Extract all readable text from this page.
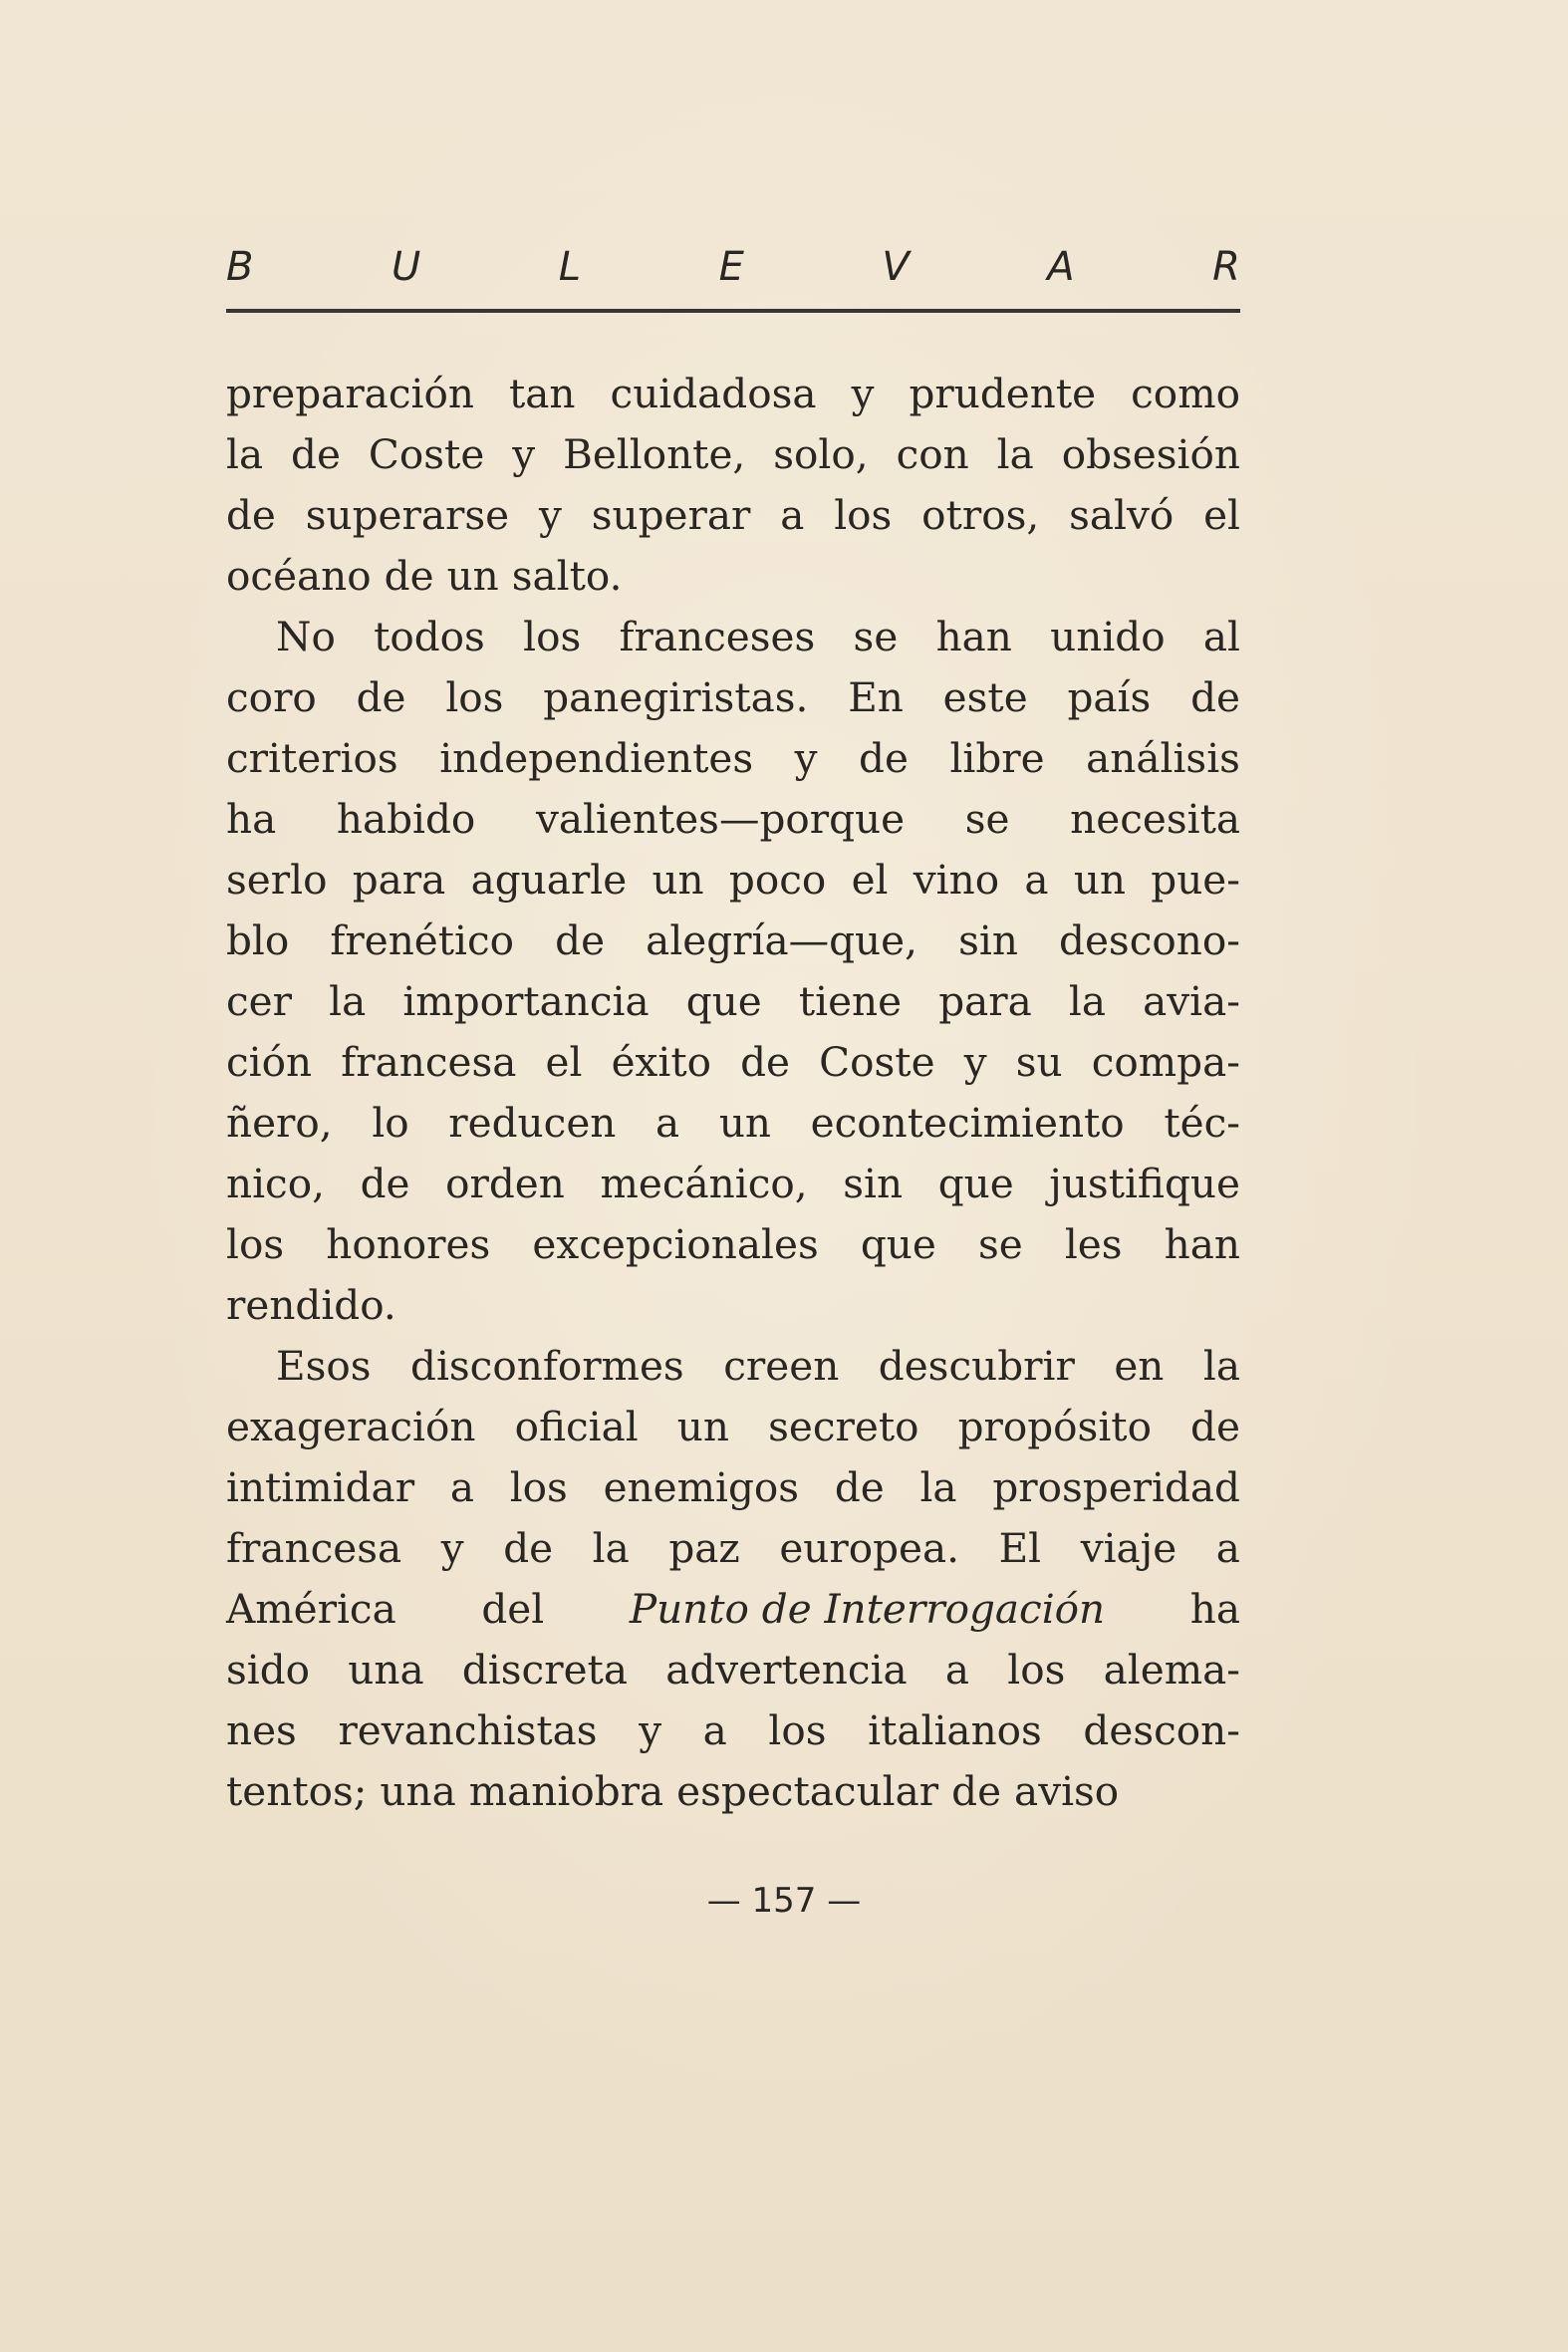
B	U	L	E	V	A	R
preparación tan cuidadosa y prudente como
la de Coste y Bellonte, solo, con la obsesión
de superarse y superar a los otros, salvó el
océano de un salto.
No todos los franceses se han unido al
coro de los panegiristas. En este país de
criterios independientes y de libre análisis
ha habido valientes—porque se necesita
serlo para aguarle un poco el vino a un pue-
blo frenético de alegría—que, sin descono-
cer la importancia que tiene para la avia-
ción francesa el éxito de Coste y su compa-
ñero, lo reducen a un econtecimiento téc-
nico, de orden mecánico, sin que justifique
los honores excepcionales que se les han
rendido.
Esos disconformes creen descubrir en la
exageración oficial un secreto propósito de
intimidar a los enemigos de la prosperidad
francesa y de la paz europea. El viaje a
América del Punto de Interrogación ha
sido una discreta advertencia a los alema-
nes revanchistas y a los italianos descon-
tentos; una maniobra espectacular de aviso
— 157 —
